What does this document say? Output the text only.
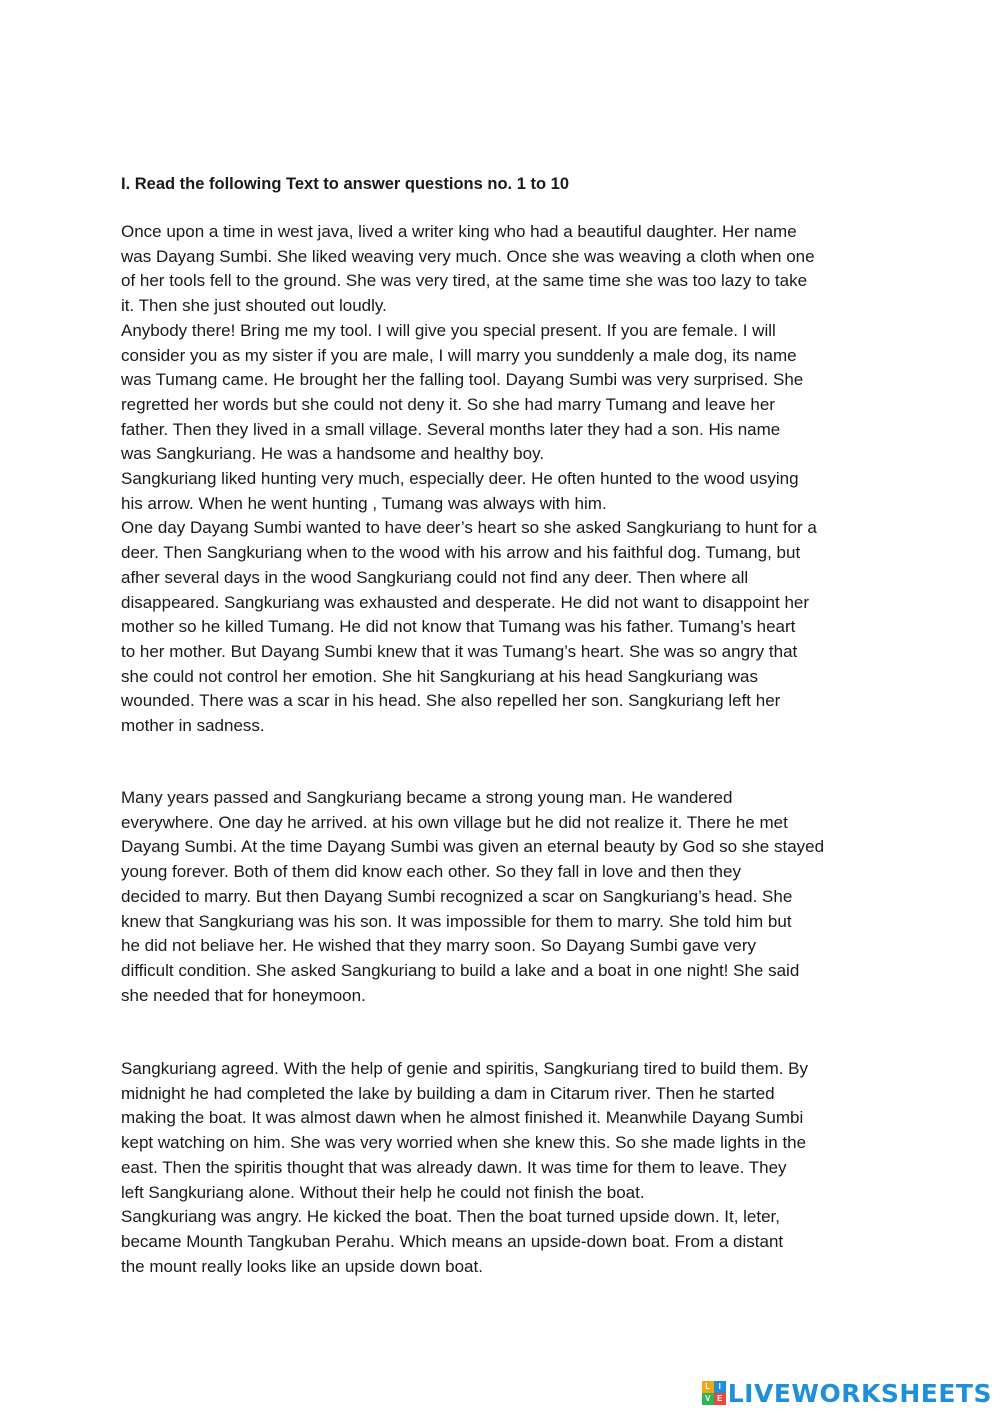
I. Read the following Text to answer questions no. 1 to 10
Once upon a time in west java, lived a writer king who had a beautiful daughter. Her name
was Dayang Sumbi. She liked weaving very much. Once she was weaving a cloth when one
of her tools fell to the ground. She was very tired, at the same time she was too lazy to take
it. Then she just shouted out loudly.
Anybody there! Bring me my tool. I will give you special present. If you are female. I will
consider you as my sister if you are male, I will marry you sunddenly a male dog, its name
was Tumang came. He brought her the falling tool. Dayang Sumbi was very surprised. She
regretted her words but she could not deny it. So she had marry Tumang and leave her
father. Then they lived in a small village. Several months later they had a son. His name
was Sangkuriang. He was a handsome and healthy boy.
Sangkuriang liked hunting very much, especially deer. He often hunted to the wood usying
his arrow. When he went hunting , Tumang was always with him.
One day Dayang Sumbi wanted to have deer’s heart so she asked Sangkuriang to hunt for a
deer. Then Sangkuriang when to the wood with his arrow and his faithful dog. Tumang, but
afher several days in the wood Sangkuriang could not find any deer. Then where all
disappeared. Sangkuriang was exhausted and desperate. He did not want to disappoint her
mother so he killed Tumang. He did not know that Tumang was his father. Tumang’s heart
to her mother. But Dayang Sumbi knew that it was Tumang’s heart. She was so angry that
she could not control her emotion. She hit Sangkuriang at his head Sangkuriang was
wounded. There was a scar in his head. She also repelled her son. Sangkuriang left her
mother in sadness.
Many years passed and Sangkuriang became a strong young man. He wandered
everywhere. One day he arrived. at his own village but he did not realize it. There he met
Dayang Sumbi. At the time Dayang Sumbi was given an eternal beauty by God so she stayed
young forever. Both of them did know each other. So they fall in love and then they
decided to marry. But then Dayang Sumbi recognized a scar on Sangkuriang’s head. She
knew that Sangkuriang was his son. It was impossible for them to marry. She told him but
he did not beliave her. He wished that they marry soon. So Dayang Sumbi gave very
difficult condition. She asked Sangkuriang to build a lake and a boat in one night! She said
she needed that for honeymoon.
Sangkuriang agreed. With the help of genie and spiritis, Sangkuriang tired to build them. By
midnight he had completed the lake by building a dam in Citarum river. Then he started
making the boat. It was almost dawn when he almost finished it. Meanwhile Dayang Sumbi
kept watching on him. She was very worried when she knew this. So she made lights in the
east. Then the spiritis thought that was already dawn. It was time for them to leave. They
left Sangkuriang alone. Without their help he could not finish the boat.
Sangkuriang was angry. He kicked the boat. Then the boat turned upside down. It, leter,
became Mounth Tangkuban Perahu. Which means an upside-down boat. From a distant
the mount really looks like an upside down boat.
L	I
V E LIVEWORKSHEETS
